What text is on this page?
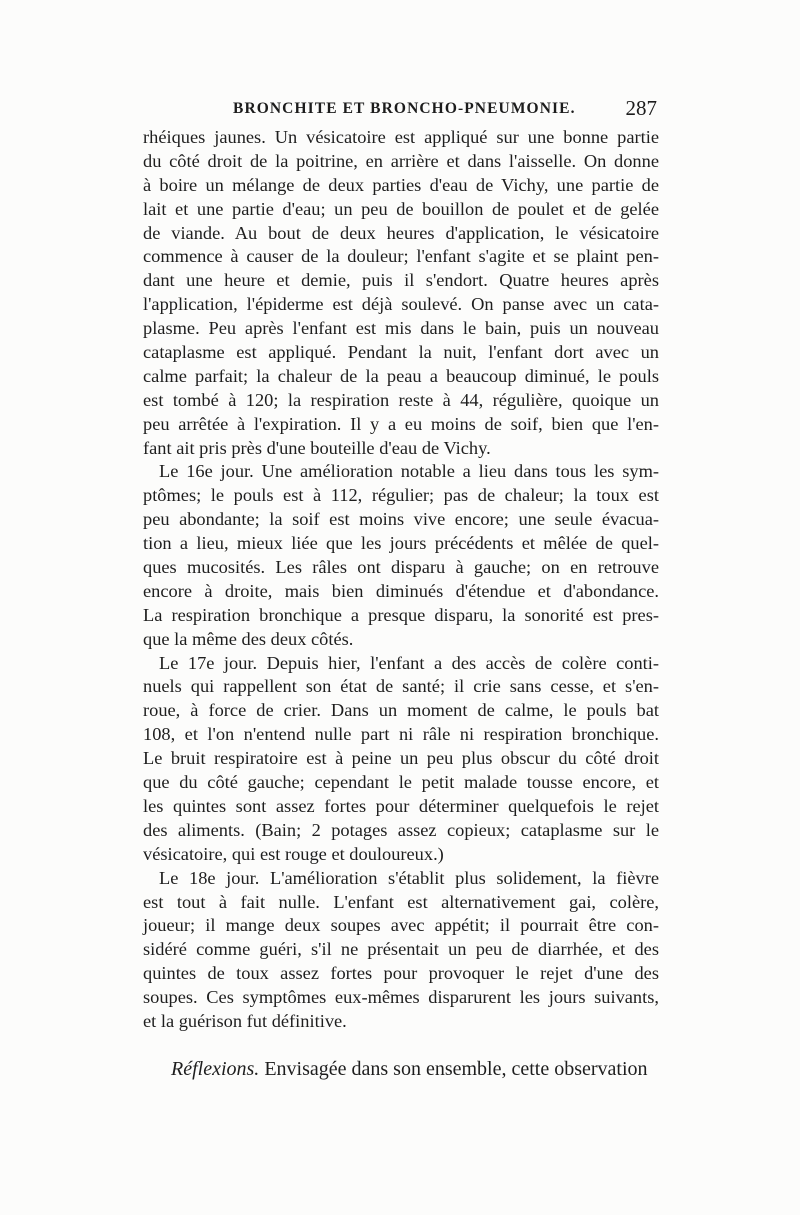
BRONCHITE ET BRONCHO-PNEUMONIE. 287
rhéiques jaunes. Un vésicatoire est appliqué sur une bonne partie
du côté droit de la poitrine, en arrière et dans l'aisselle. On donne
à boire un mélange de deux parties d'eau de Vichy, une partie de
lait et une partie d'eau; un peu de bouillon de poulet et de gelée
de viande. Au bout de deux heures d'application, le vésicatoire
commence à causer de la douleur; l'enfant s'agite et se plaint pen-
dant une heure et demie, puis il s'endort. Quatre heures après
l'application, l'épiderme est déjà soulevé. On panse avec un cata-
plasme. Peu après l'enfant est mis dans le bain, puis un nouveau
cataplasme est appliqué. Pendant la nuit, l'enfant dort avec un
calme parfait; la chaleur de la peau a beaucoup diminué, le pouls
est tombé à 120; la respiration reste à 44, régulière, quoique un
peu arrêtée à l'expiration. Il y a eu moins de soif, bien que l'en-
fant ait pris près d'une bouteille d'eau de Vichy.
Le 16e jour. Une amélioration notable a lieu dans tous les sym-
ptômes; le pouls est à 112, régulier; pas de chaleur; la toux est
peu abondante; la soif est moins vive encore; une seule évacua-
tion a lieu, mieux liée que les jours précédents et mêlée de quel-
ques mucosités. Les râles ont disparu à gauche; on en retrouve
encore à droite, mais bien diminués d'étendue et d'abondance.
La respiration bronchique a presque disparu, la sonorité est pres-
que la même des deux côtés.
Le 17e jour. Depuis hier, l'enfant a des accès de colère conti-
nuels qui rappellent son état de santé; il crie sans cesse, et s'en-
roue, à force de crier. Dans un moment de calme, le pouls bat
108, et l'on n'entend nulle part ni râle ni respiration bronchique.
Le bruit respiratoire est à peine un peu plus obscur du côté droit
que du côté gauche; cependant le petit malade tousse encore, et
les quintes sont assez fortes pour déterminer quelquefois le rejet
des aliments. (Bain; 2 potages assez copieux; cataplasme sur le
vésicatoire, qui est rouge et douloureux.)
Le 18e jour. L'amélioration s'établit plus solidement, la fièvre
est tout à fait nulle. L'enfant est alternativement gai, colère,
joueur; il mange deux soupes avec appétit; il pourrait être con-
sidéré comme guéri, s'il ne présentait un peu de diarrhée, et des
quintes de toux assez fortes pour provoquer le rejet d'une des
soupes. Ces symptômes eux-mêmes disparurent les jours suivants,
et la guérison fut définitive.
Réflexions. Envisagée dans son ensemble, cette observation
